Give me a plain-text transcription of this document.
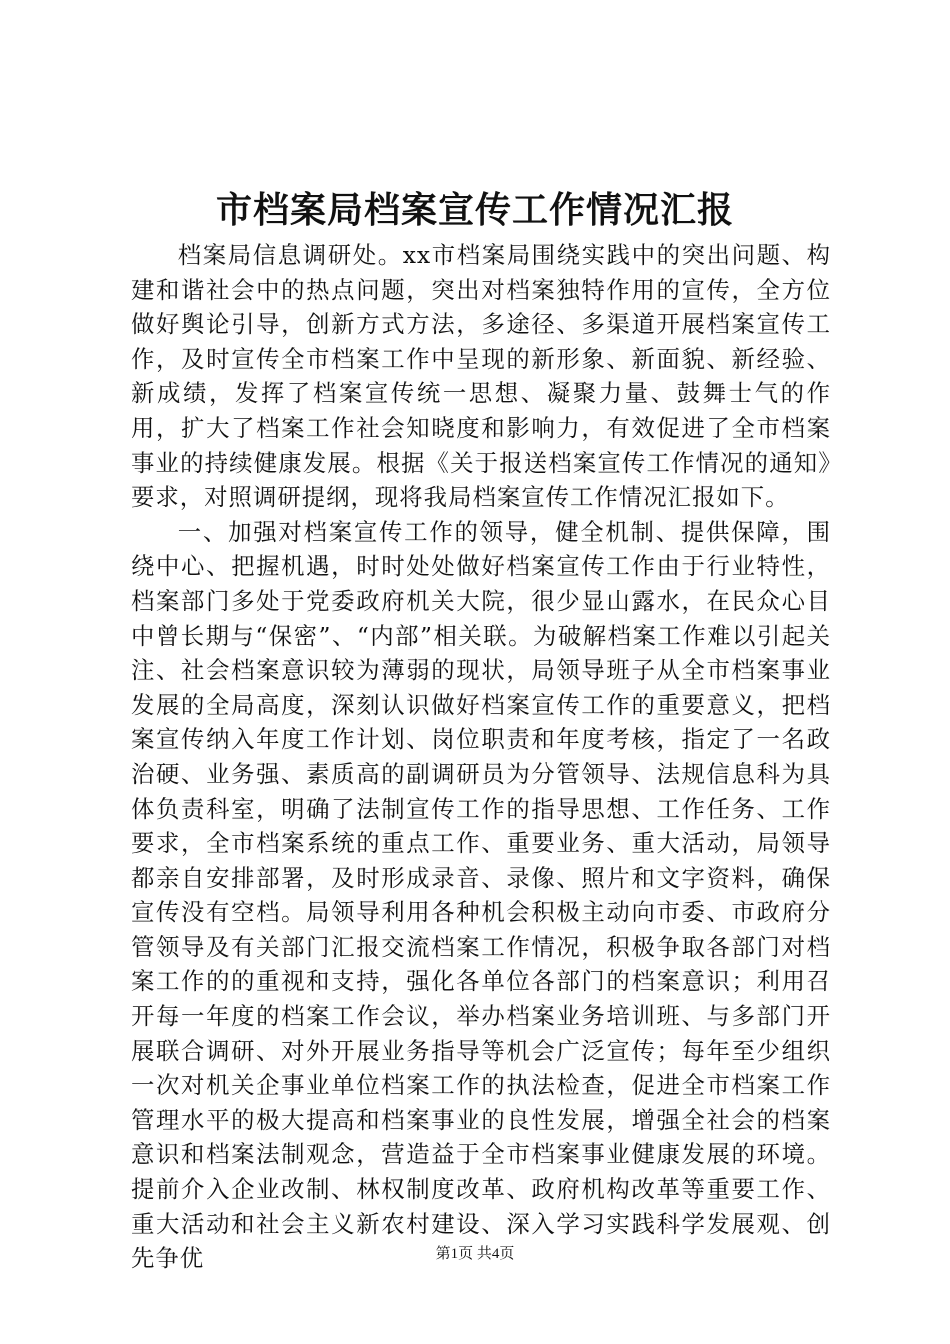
市档案局档案宣传工作情况汇报

档案局信息调研处。xx市档案局围绕实践中的突出问题、构建和谐社会中的热点问题，突出对档案独特作用的宣传，全方位做好舆论引导，创新方式方法，多途径、多渠道开展档案宣传工作，及时宣传全市档案工作中呈现的新形象、新面貌、新经验、新成绩，发挥了档案宣传统一思想、凝聚力量、鼓舞士气的作用，扩大了档案工作社会知晓度和影响力，有效促进了全市档案事业的持续健康发展。根据《关于报送档案宣传工作情况的通知》要求，对照调研提纲，现将我局档案宣传工作情况汇报如下。

一、加强对档案宣传工作的领导，健全机制、提供保障，围绕中心、把握机遇，时时处处做好档案宣传工作由于行业特性，档案部门多处于党委政府机关大院，很少显山露水，在民众心目中曾长期与“保密”、“内部”相关联。为破解档案工作难以引起关注、社会档案意识较为薄弱的现状，局领导班子从全市档案事业发展的全局高度，深刻认识做好档案宣传工作的重要意义，把档案宣传纳入年度工作计划、岗位职责和年度考核，指定了一名政治硬、业务强、素质高的副调研员为分管领导、法规信息科为具体负责科室，明确了法制宣传工作的指导思想、工作任务、工作要求，全市档案系统的重点工作、重要业务、重大活动，局领导都亲自安排部署，及时形成录音、录像、照片和文字资料，确保宣传没有空档。局领导利用各种机会积极主动向市委、市政府分管领导及有关部门汇报交流档案工作情况，积极争取各部门对档案工作的的重视和支持，强化各单位各部门的档案意识；利用召开每一年度的档案工作会议，举办档案业务培训班、与多部门开展联合调研、对外开展业务指导等机会广泛宣传；每年至少组织一次对机关企事业单位档案工作的执法检查，促进全市档案工作管理水平的极大提高和档案事业的良性发展，增强全社会的档案意识和档案法制观念，营造益于全市档案事业健康发展的环境。提前介入企业改制、林权制度改革、政府机构改革等重要工作、重大活动和社会主义新农村建设、深入学习实践科学发展观、创先争优	第1页 共4页
